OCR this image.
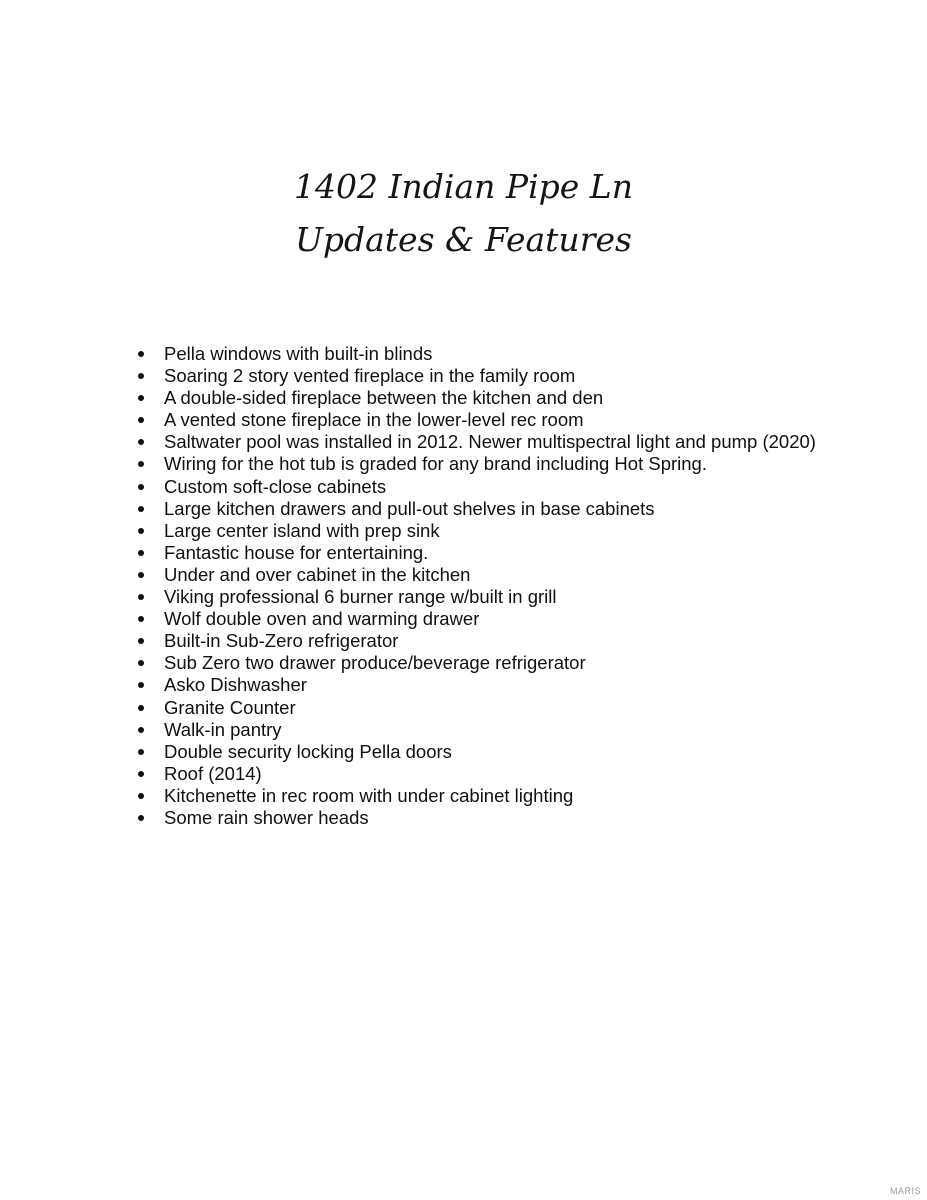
1402 Indian Pipe Ln
Updates & Features
Pella windows with built-in blinds
Soaring 2 story vented fireplace in the family room
A double-sided fireplace between the kitchen and den
A vented stone fireplace in the lower-level rec room
Saltwater pool was installed in 2012. Newer multispectral light and pump (2020)
Wiring for the hot tub is graded for any brand including Hot Spring.
Custom soft-close cabinets
Large kitchen drawers and pull-out shelves in base cabinets
Large center island with prep sink
Fantastic house for entertaining.
Under and over cabinet in the kitchen
Viking professional 6 burner range w/built in grill
Wolf double oven and warming drawer
Built-in Sub-Zero refrigerator
Sub Zero two drawer produce/beverage refrigerator
Asko Dishwasher
Granite Counter
Walk-in pantry
Double security locking Pella doors
Roof (2014)
Kitchenette in rec room with under cabinet lighting
Some rain shower heads
MARIS
